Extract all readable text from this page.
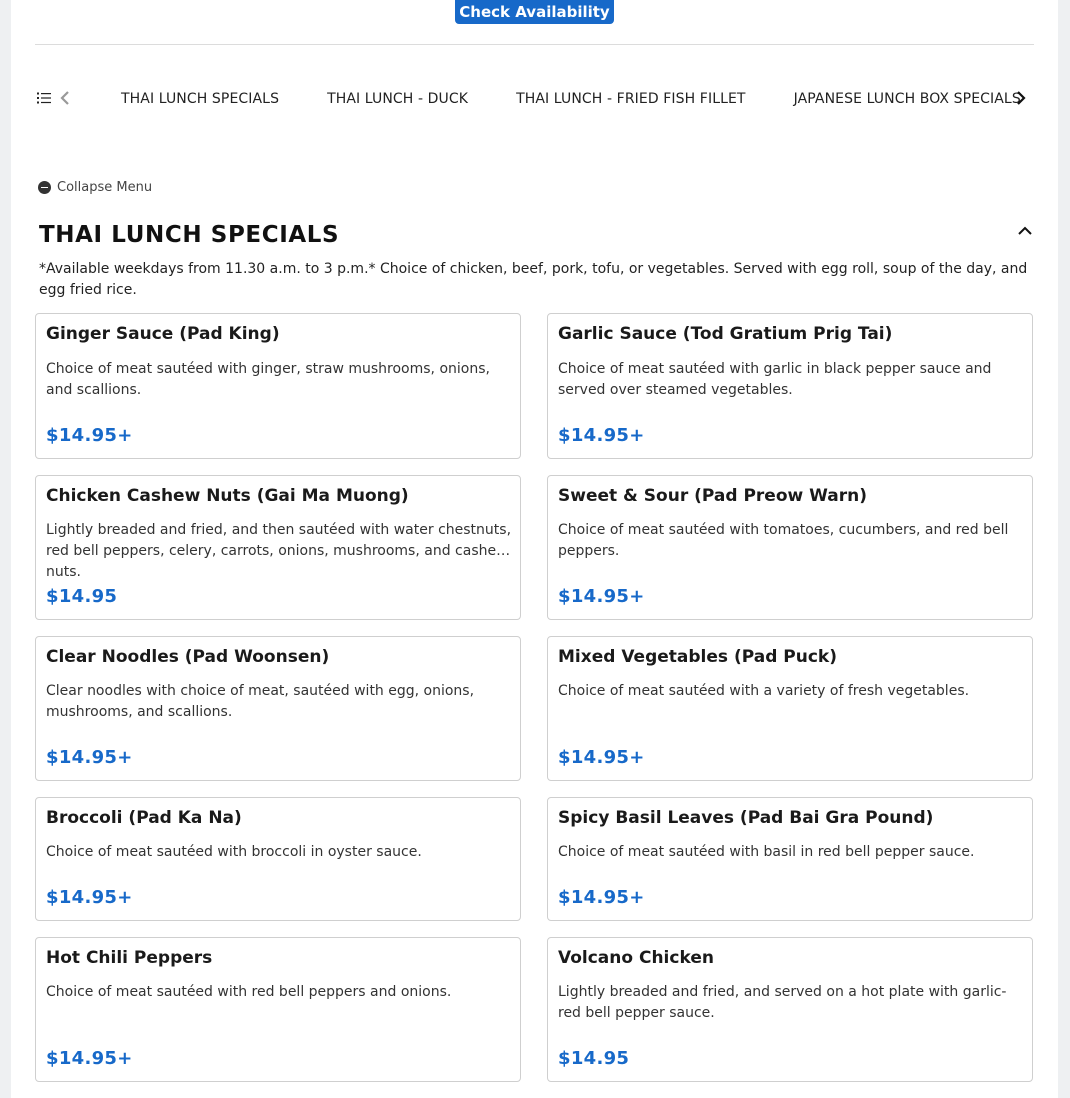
Check Availability
THAI LUNCH SPECIALS	THAI LUNCH - DUCK	THAI LUNCH - FRIED FISH FILLET	JAPANESE LUNCH BOX SPECIALS
Collapse Menu
THAI LUNCH SPECIALS
*Available weekdays from 11.30 a.m. to 3 p.m.* Choice of chicken, beef, pork, tofu, or vegetables. Served with egg roll, soup of the day, and egg fried rice.
Ginger Sauce (Pad King)
Choice of meat sautéed with ginger, straw mushrooms, onions, and scallions.
$14.95+
Garlic Sauce (Tod Gratium Prig Tai)
Choice of meat sautéed with garlic in black pepper sauce and served over steamed vegetables.
$14.95+
Chicken Cashew Nuts (Gai Ma Muong)
Lightly breaded and fried, and then sautéed with water chestnuts, red bell peppers, celery, carrots, onions, mushrooms, and cashew nuts.
$14.95
Sweet & Sour (Pad Preow Warn)
Choice of meat sautéed with tomatoes, cucumbers, and red bell peppers.
$14.95+
Clear Noodles (Pad Woonsen)
Clear noodles with choice of meat, sautéed with egg, onions, mushrooms, and scallions.
$14.95+
Mixed Vegetables (Pad Puck)
Choice of meat sautéed with a variety of fresh vegetables.
$14.95+
Broccoli (Pad Ka Na)
Choice of meat sautéed with broccoli in oyster sauce.
$14.95+
Spicy Basil Leaves (Pad Bai Gra Pound)
Choice of meat sautéed with basil in red bell pepper sauce.
$14.95+
Hot Chili Peppers
Choice of meat sautéed with red bell peppers and onions.
$14.95+
Volcano Chicken
Lightly breaded and fried, and served on a hot plate with garlic-red bell pepper sauce.
$14.95
